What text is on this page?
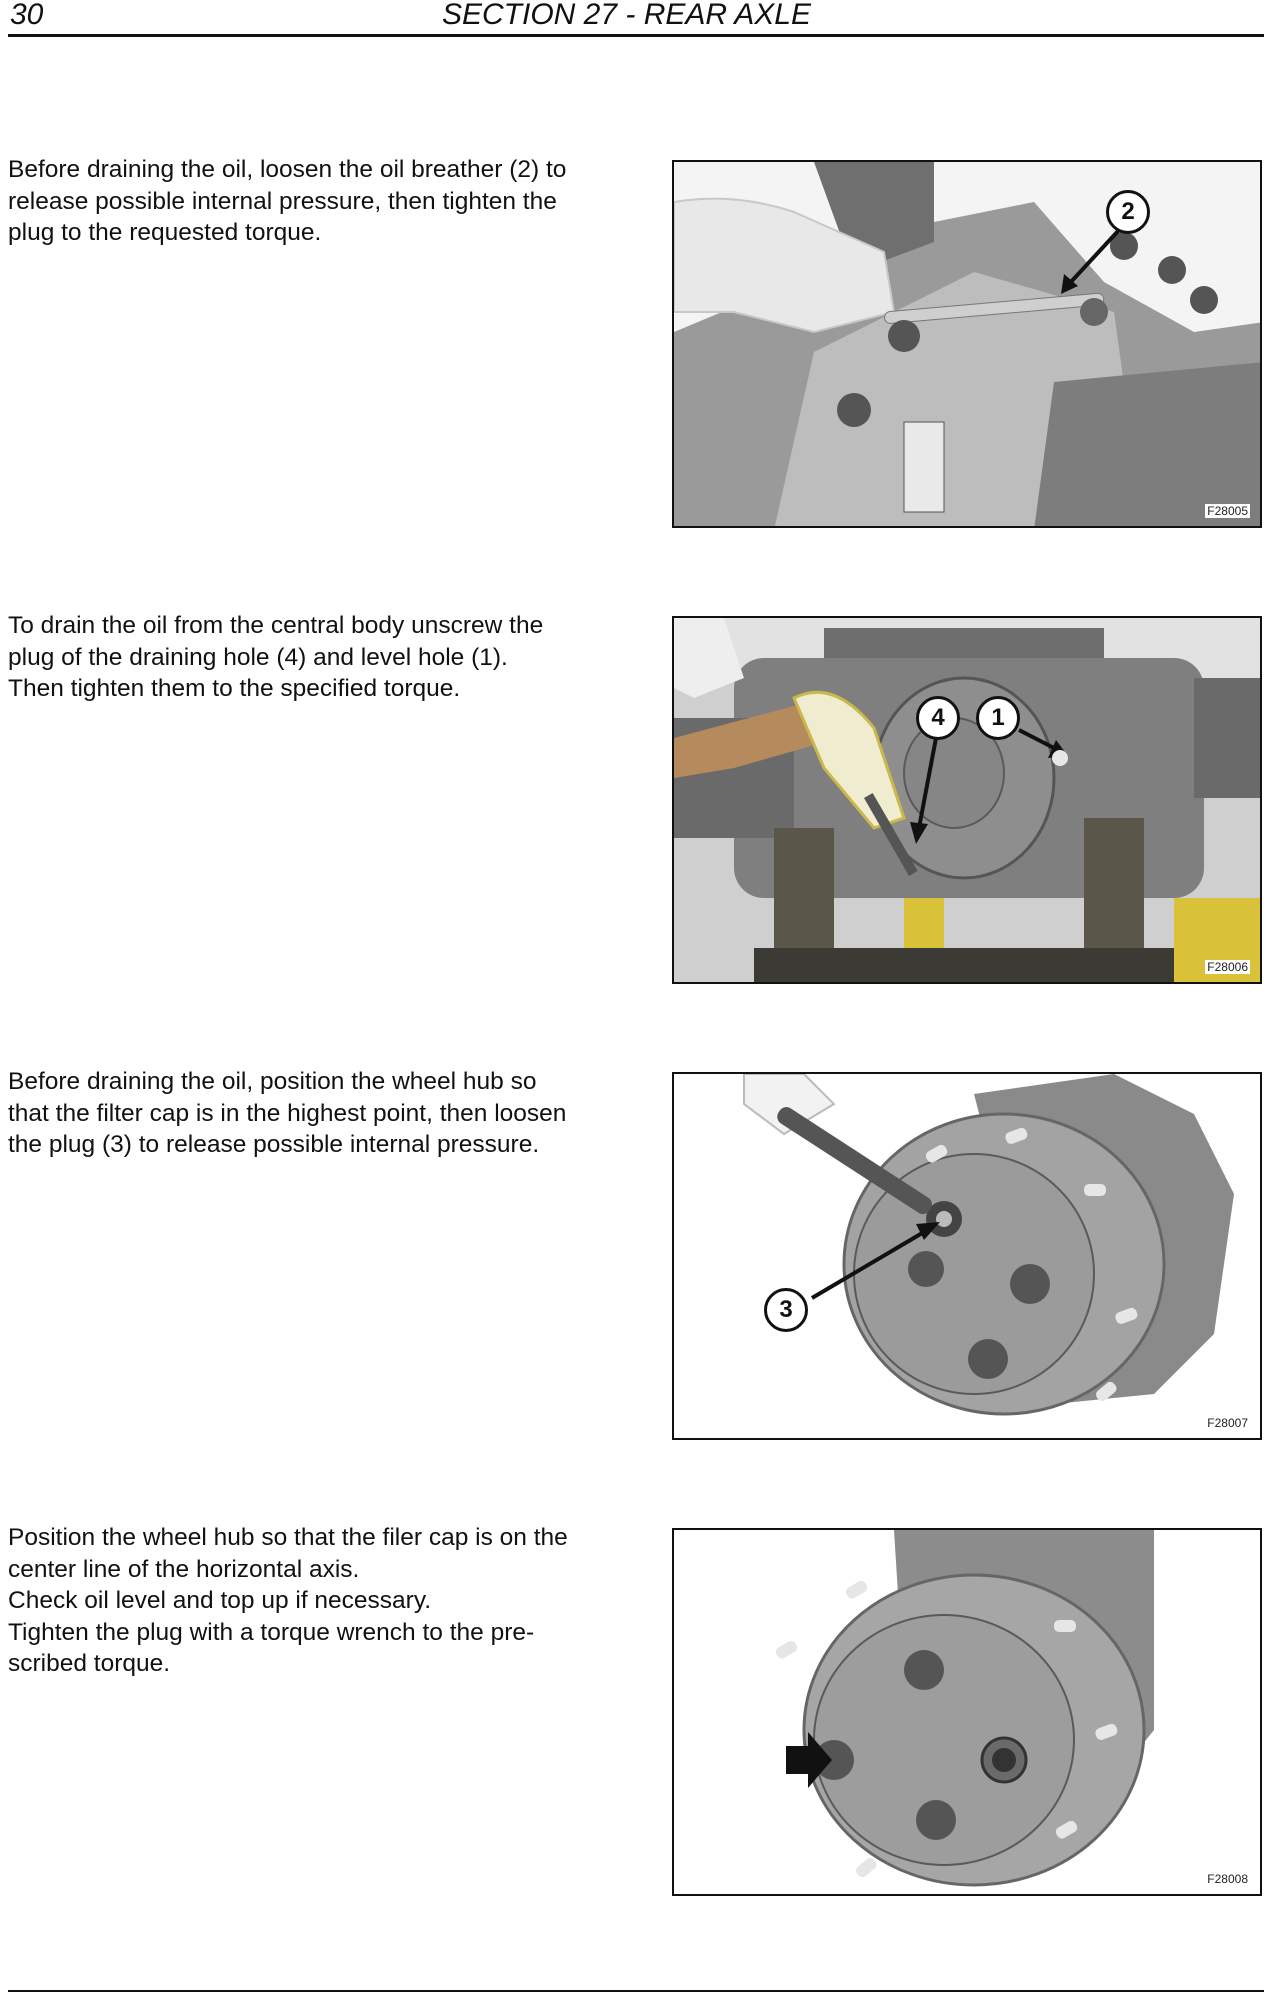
30	SECTION 27 - REAR AXLE
Before draining the oil, loosen the oil breather (2) to
release possible internal pressure, then tighten the
plug to the requested torque.
2
F28005
To drain the oil from the central body unscrew the
plug of the draining hole (4) and level hole (1).
Then tighten them to the specified torque.
4	1
F28006
Before draining the oil, position the wheel hub so
that the filter cap is in the highest point, then loosen
the plug (3) to release possible internal pressure.
3
F28007
Position the wheel hub so that the filer cap is on the
center line of the horizontal axis.
Check oil level and top up if necessary.
Tighten the plug with a torque wrench to the pre-
scribed torque.
F28008
